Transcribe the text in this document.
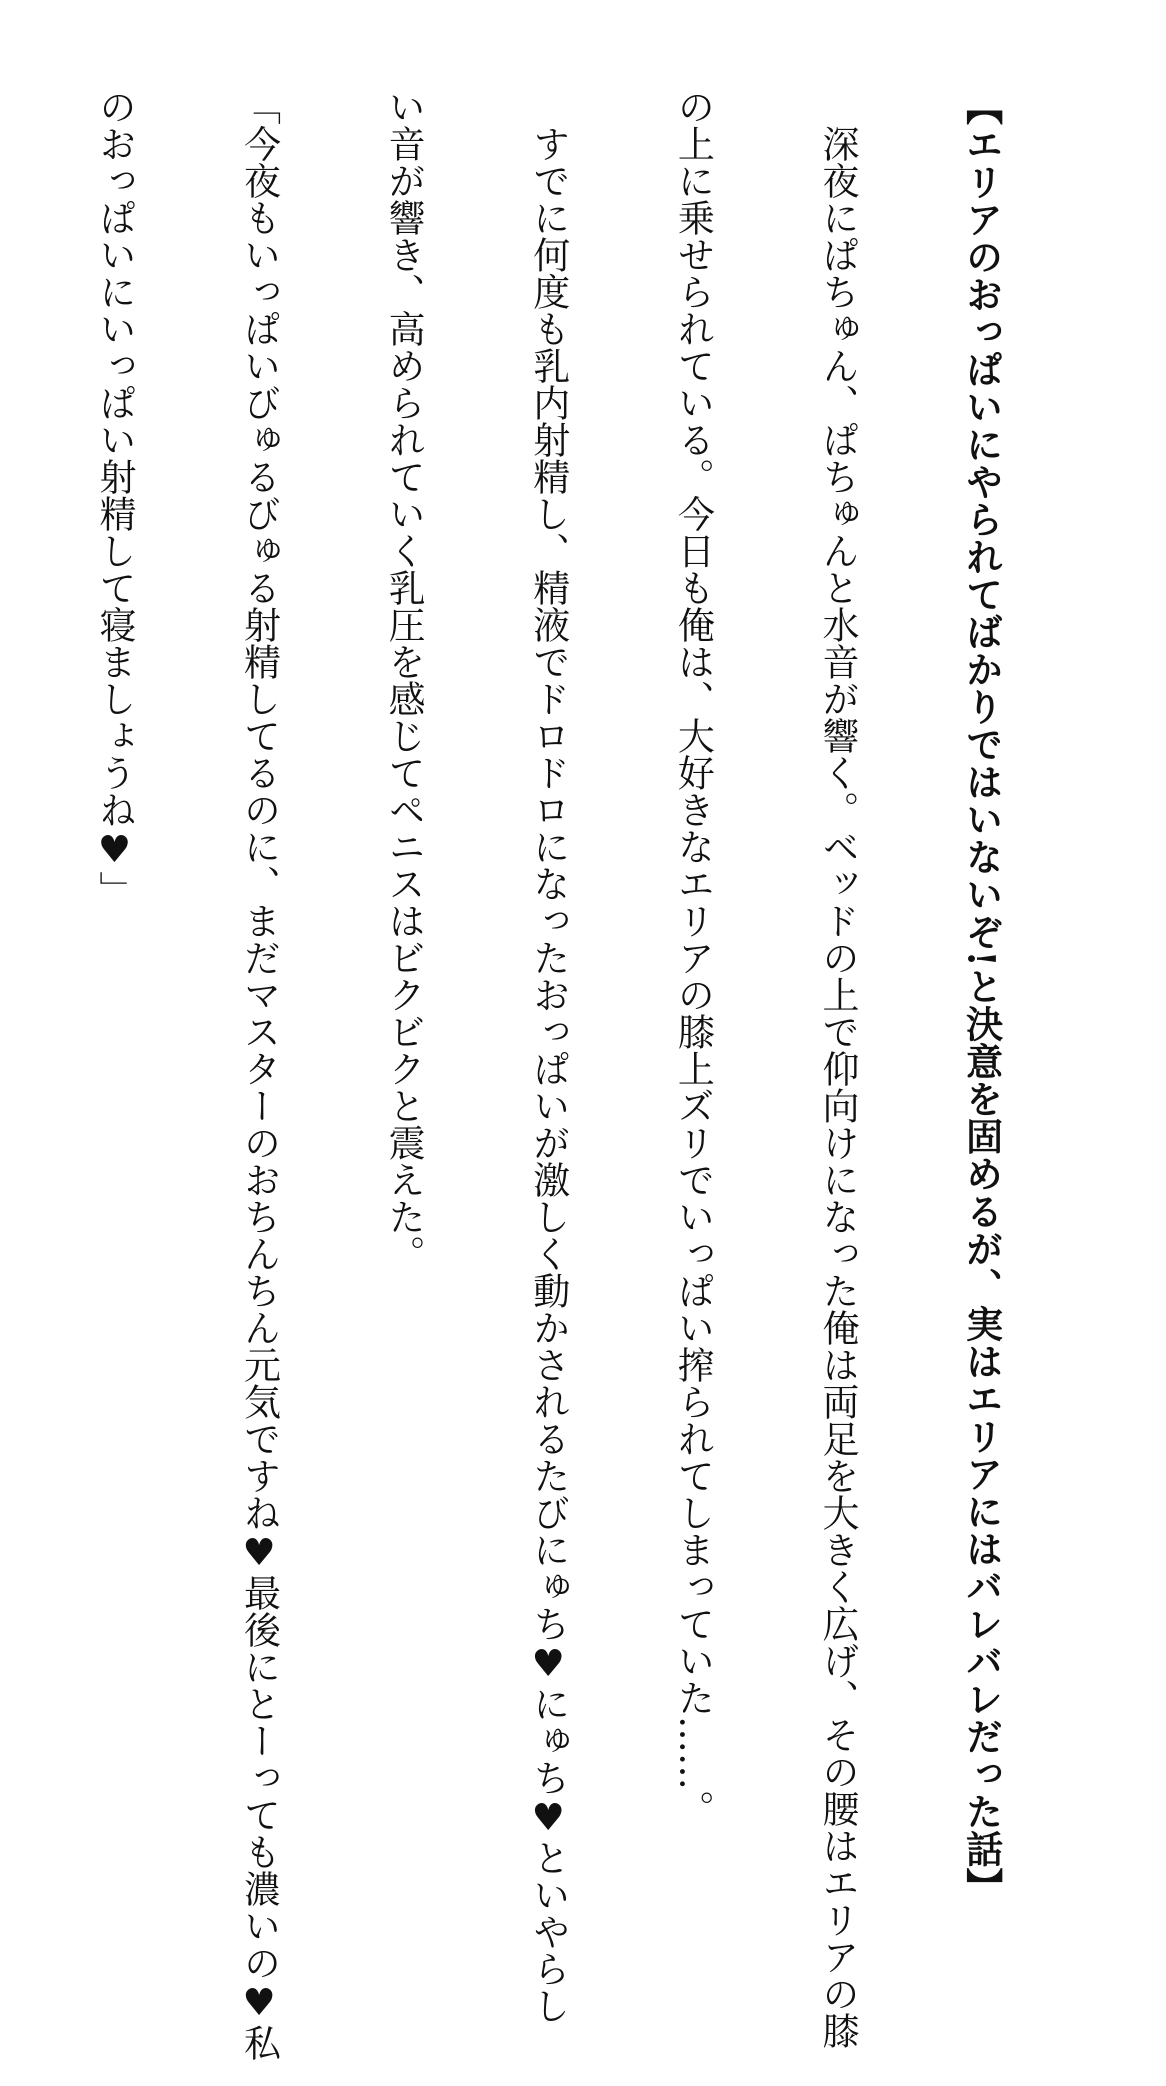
【エリアのおっぱいにやられてばかりではいないぞ!と決意を固めるが、実はエリアにはバレバレだった話】

深夜にぱちゅん、ぱちゅんと水音が響く。ベッドの上で仰向けになった俺は両足を大きく広げ、その腰はエリアの膝

の上に乗せられている。今日も俺は、大好きなエリアの膝上ズリでいっぱい搾られてしまっていた……。

すでに何度も乳内射精し、精液でドロドロになったおっぱいが激しく動かされるたびにゅち♥にゅち♥といやらし

い音が響き、高められていく乳圧を感じてペニスはビクビクと震えた。

「今夜もいっぱいびゅるびゅる射精してるのに、まだマスターのおちんちん元気ですね♥最後にとーっても濃いの♥私

のおっぱいにいっぱい射精して寝ましょうね♥」
